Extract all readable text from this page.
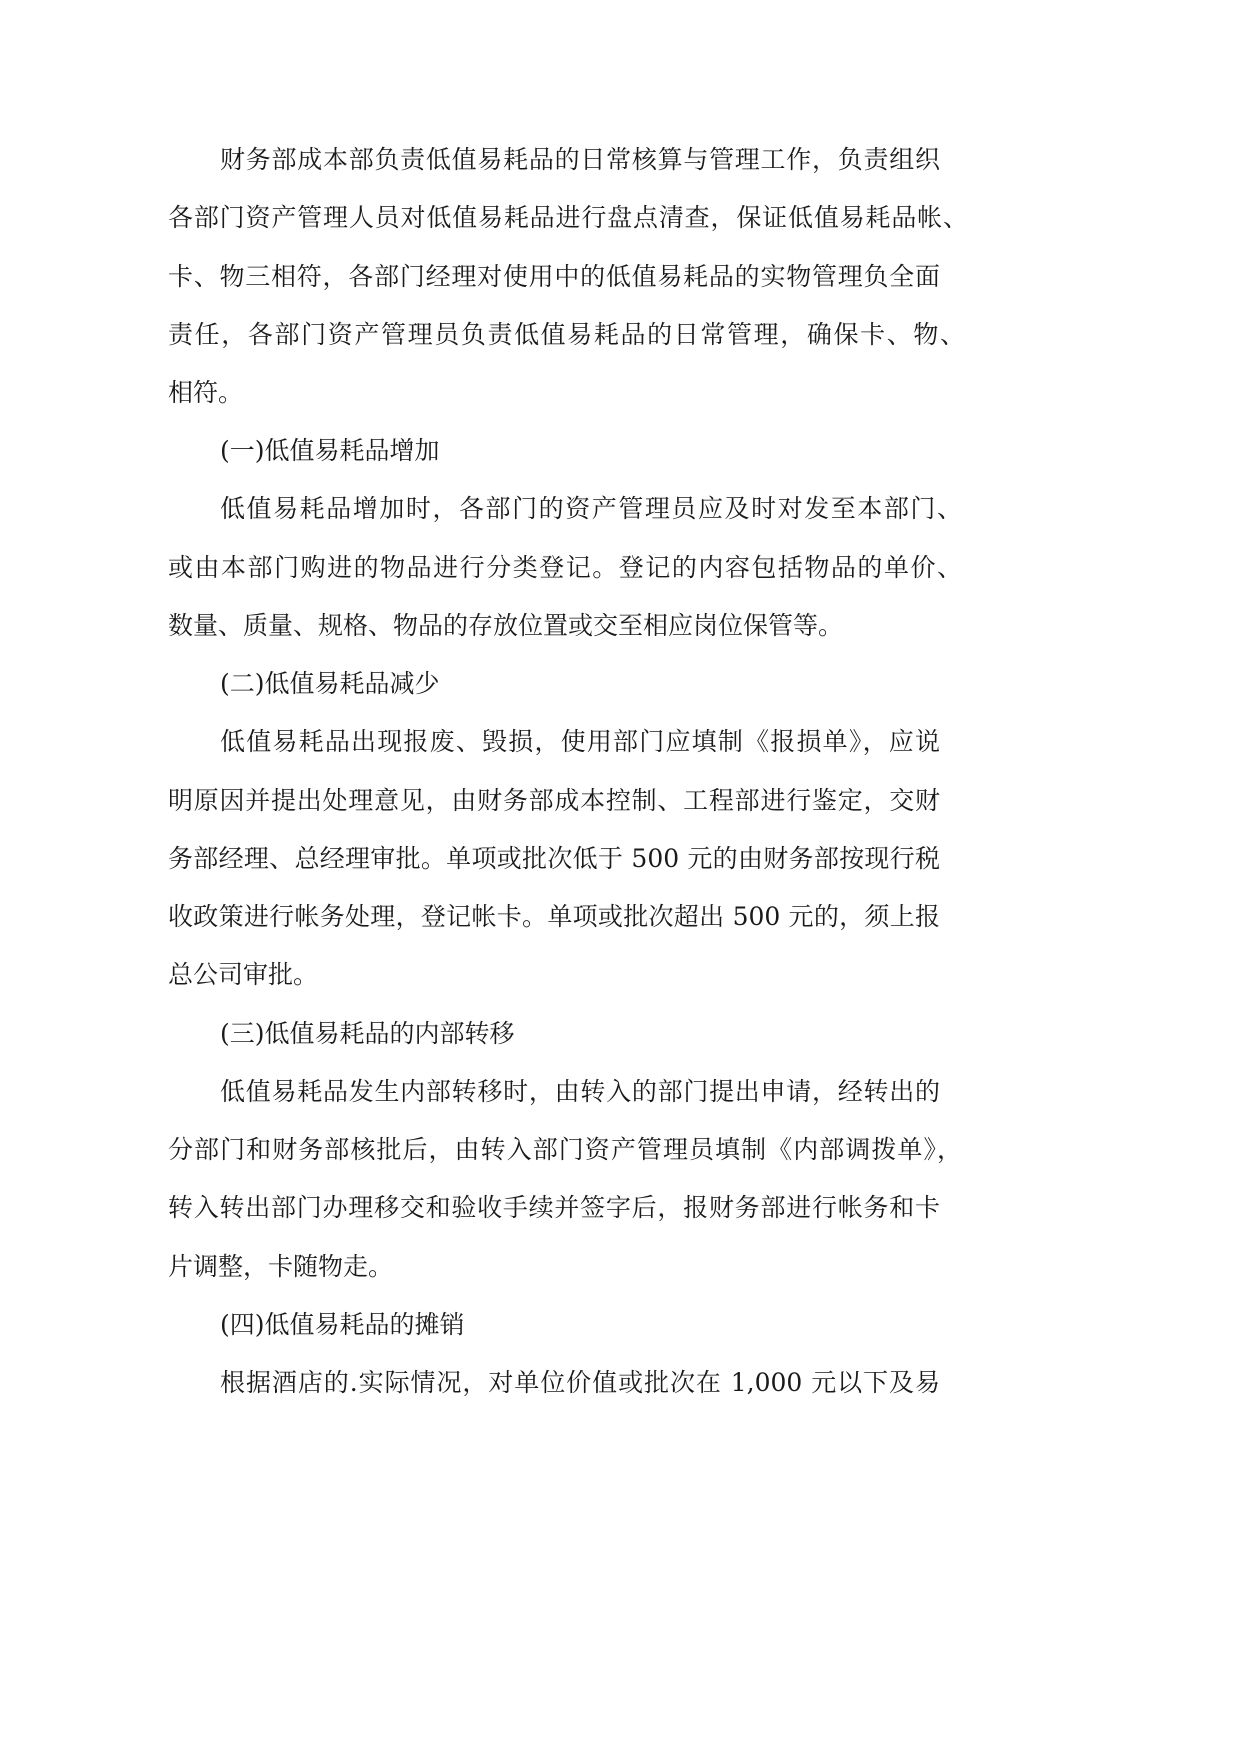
财务部成本部负责低值易耗品的日常核算与管理工作，负责组织
各部门资产管理人员对低值易耗品进行盘点清查，保证低值易耗品帐、
卡、物三相符，各部门经理对使用中的低值易耗品的实物管理负全面
责任，各部门资产管理员负责低值易耗品的日常管理，确保卡、物、
相符。
(一)低值易耗品增加
低值易耗品增加时，各部门的资产管理员应及时对发至本部门、
或由本部门购进的物品进行分类登记。登记的内容包括物品的单价、
数量、质量、规格、物品的存放位置或交至相应岗位保管等。
(二)低值易耗品减少
低值易耗品出现报废、毁损，使用部门应填制《报损单》，应说
明原因并提出处理意见，由财务部成本控制、工程部进行鉴定，交财
务部经理、总经理审批。单项或批次低于 500 元的由财务部按现行税
收政策进行帐务处理，登记帐卡。单项或批次超出 500 元的，须上报
总公司审批。
(三)低值易耗品的内部转移
低值易耗品发生内部转移时，由转入的部门提出申请，经转出的
分部门和财务部核批后，由转入部门资产管理员填制《内部调拨单》，
转入转出部门办理移交和验收手续并签字后，报财务部进行帐务和卡
片调整，卡随物走。
(四)低值易耗品的摊销
根据酒店的.实际情况，对单位价值或批次在 1,000 元以下及易
